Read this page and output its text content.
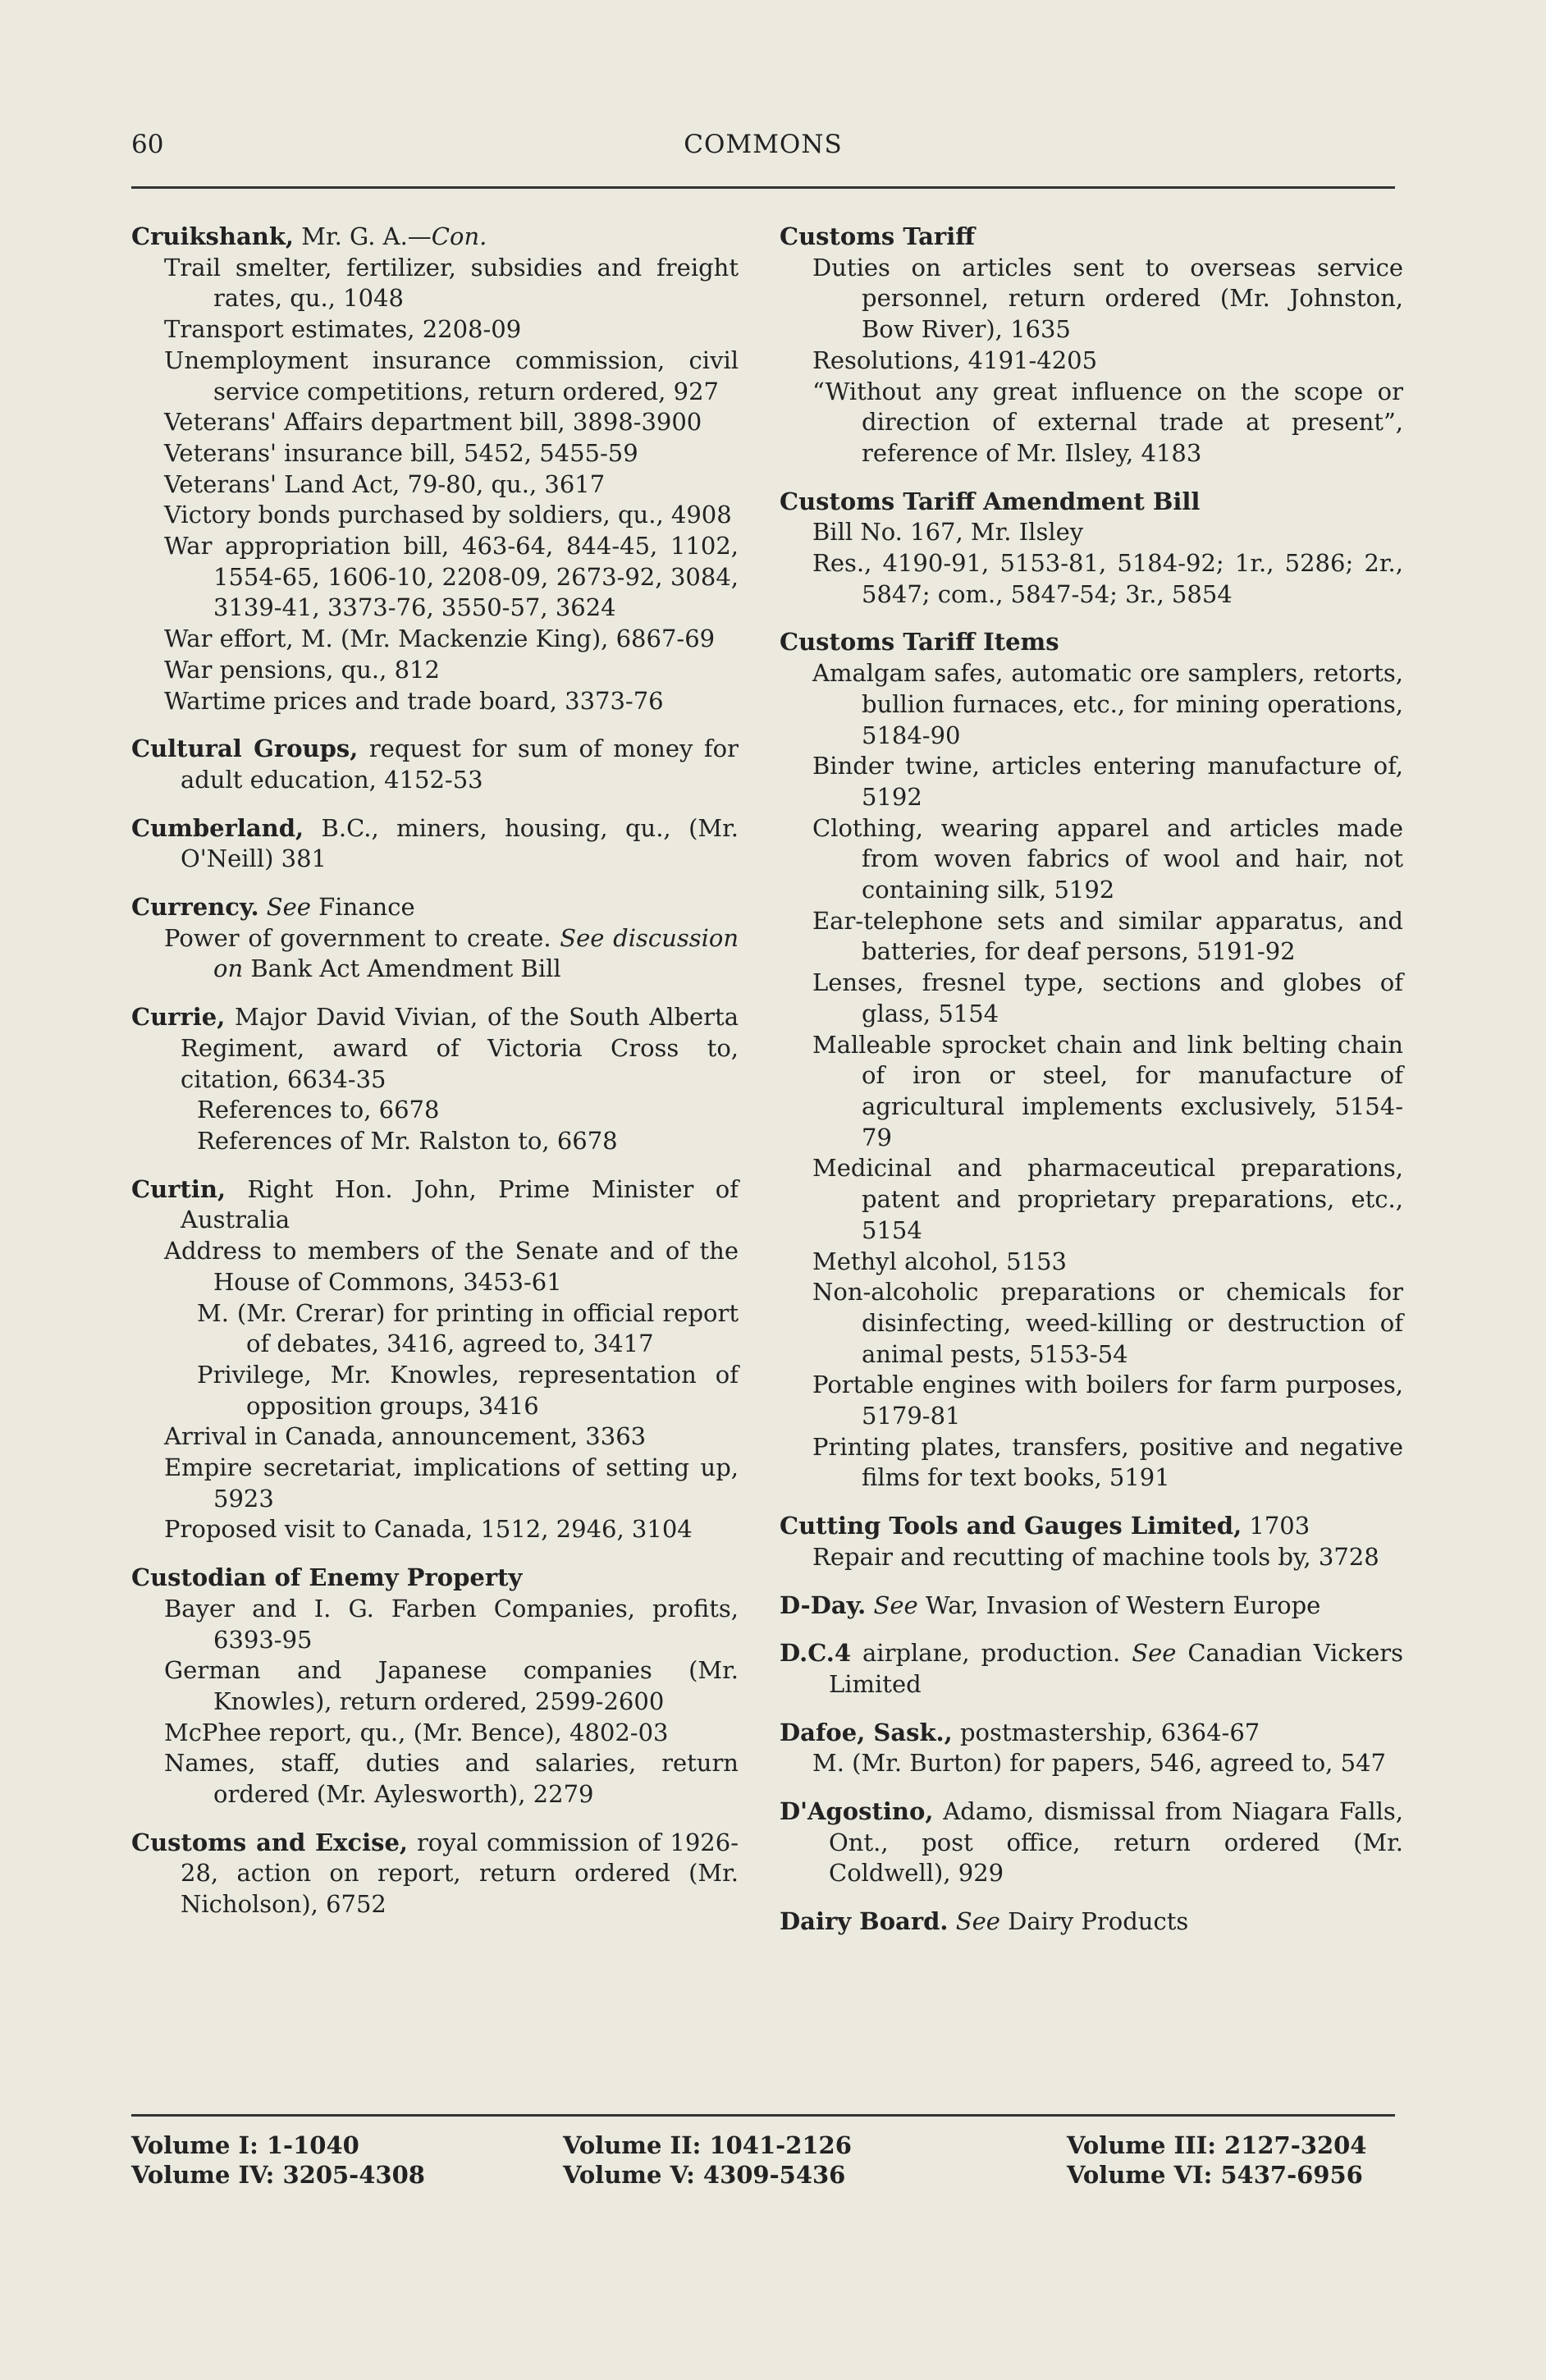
60	COMMONS
Cruikshank, Mr. G. A.—Con.
Trail smelter, fertilizer, subsidies and freight rates, qu., 1048
Transport estimates, 2208-09
Unemployment insurance commission, civil service competitions, return ordered, 927
Veterans' Affairs department bill, 3898-3900
Veterans' insurance bill, 5452, 5455-59
Veterans' Land Act, 79-80, qu., 3617
Victory bonds purchased by soldiers, qu., 4908
War appropriation bill, 463-64, 844-45, 1102, 1554-65, 1606-10, 2208-09, 2673-92, 3084, 3139-41, 3373-76, 3550-57, 3624
War effort, M. (Mr. Mackenzie King), 6867-69
War pensions, qu., 812
Wartime prices and trade board, 3373-76
Cultural Groups, request for sum of money for adult education, 4152-53
Cumberland, B.C., miners, housing, qu., (Mr. O'Neill) 381
Currency. See Finance
Power of government to create. See discussion on Bank Act Amendment Bill
Currie, Major David Vivian, of the South Alberta Regiment, award of Victoria Cross to, citation, 6634-35
References to, 6678
References of Mr. Ralston to, 6678
Curtin, Right Hon. John, Prime Minister of Australia
Address to members of the Senate and of the House of Commons, 3453-61
M. (Mr. Crerar) for printing in official report of debates, 3416, agreed to, 3417
Privilege, Mr. Knowles, representation of opposition groups, 3416
Arrival in Canada, announcement, 3363
Empire secretariat, implications of setting up, 5923
Proposed visit to Canada, 1512, 2946, 3104
Custodian of Enemy Property
Bayer and I. G. Farben Companies, profits, 6393-95
German and Japanese companies (Mr. Knowles), return ordered, 2599-2600
McPhee report, qu., (Mr. Bence), 4802-03
Names, staff, duties and salaries, return ordered (Mr. Aylesworth), 2279
Customs and Excise, royal commission of 1926-28, action on report, return ordered (Mr. Nicholson), 6752
Customs Tariff
Duties on articles sent to overseas service personnel, return ordered (Mr. Johnston, Bow River), 1635
Resolutions, 4191-4205
“Without any great influence on the scope or direction of external trade at present”, reference of Mr. Ilsley, 4183
Customs Tariff Amendment Bill
Bill No. 167, Mr. Ilsley
Res., 4190-91, 5153-81, 5184-92; 1r., 5286; 2r., 5847; com., 5847-54; 3r., 5854
Customs Tariff Items
Amalgam safes, automatic ore samplers, retorts, bullion furnaces, etc., for mining operations, 5184-90
Binder twine, articles entering manufacture of, 5192
Clothing, wearing apparel and articles made from woven fabrics of wool and hair, not containing silk, 5192
Ear-telephone sets and similar apparatus, and batteries, for deaf persons, 5191-92
Lenses, fresnel type, sections and globes of glass, 5154
Malleable sprocket chain and link belting chain of iron or steel, for manufacture of agricultural implements exclusively, 5154-79
Medicinal and pharmaceutical preparations, patent and proprietary preparations, etc., 5154
Methyl alcohol, 5153
Non-alcoholic preparations or chemicals for disinfecting, weed-killing or destruction of animal pests, 5153-54
Portable engines with boilers for farm purposes, 5179-81
Printing plates, transfers, positive and negative films for text books, 5191
Cutting Tools and Gauges Limited, 1703
Repair and recutting of machine tools by, 3728
D-Day. See War, Invasion of Western Europe
D.C.4 airplane, production. See Canadian Vickers Limited
Dafoe, Sask., postmastership, 6364-67
M. (Mr. Burton) for papers, 546, agreed to, 547
D'Agostino, Adamo, dismissal from Niagara Falls, Ont., post office, return ordered (Mr. Coldwell), 929
Dairy Board. See Dairy Products
Volume I: 1-1040
Volume IV: 3205-4308
Volume II: 1041-2126
Volume V: 4309-5436
Volume III: 2127-3204
Volume VI: 5437-6956
